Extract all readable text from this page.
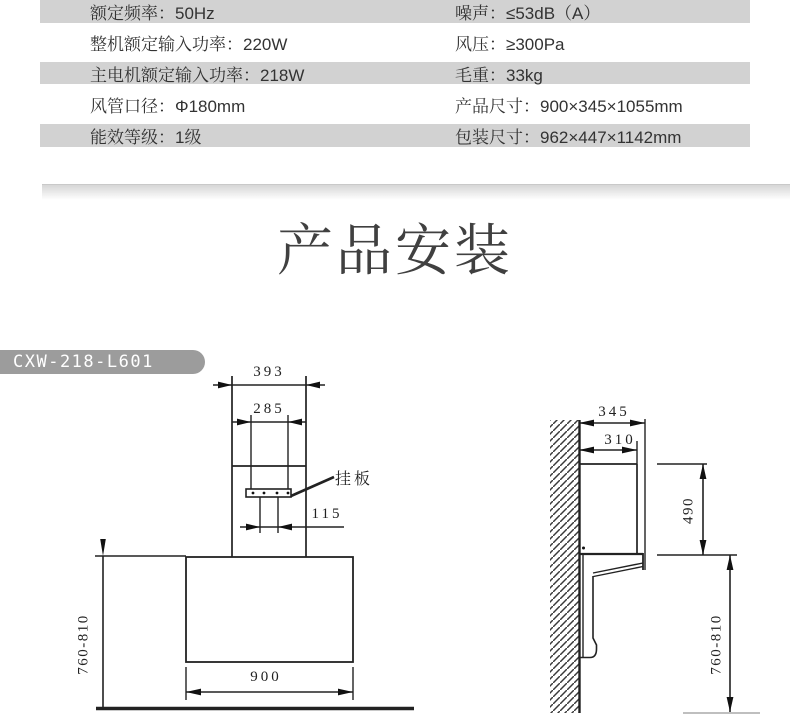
额定频率：50Hz	噪声：≤53dB（A）
整机额定输入功率：220W	风压：≥300Pa
主电机额定输入功率：218W	毛重：33kg
风管口径：Φ180mm	产品尺寸：900×345×1055mm
能效等级：1级	包装尺寸：962×447×1142mm
产品安装
CXW-218-L601	393
285
挂板
115
900
760-810
345
310
490
760-810
